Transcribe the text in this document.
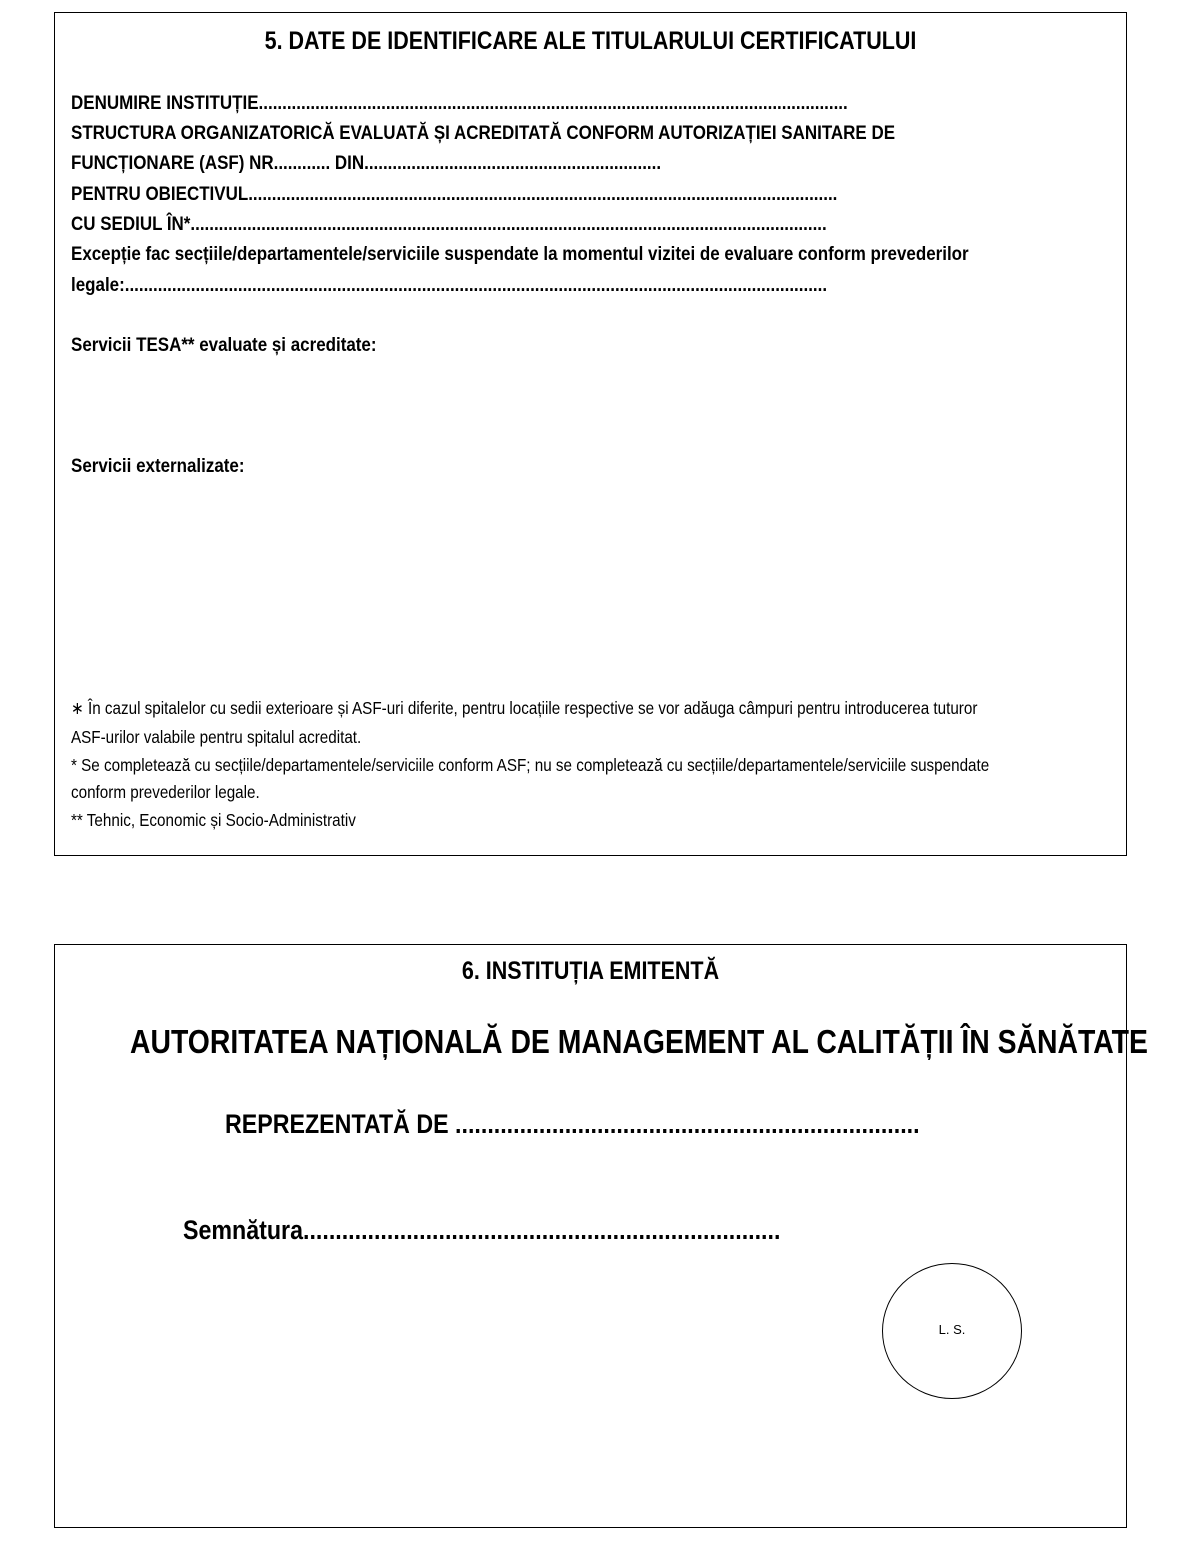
5. DATE DE IDENTIFICARE ALE TITULARULUI CERTIFICATULUI
DENUMIRE INSTITUȚIE.............................................................................................................................
STRUCTURA ORGANIZATORICĂ EVALUATĂ ȘI ACREDITATĂ CONFORM AUTORIZAȚIEI SANITARE DE
FUNCȚIONARE (ASF) NR............ DIN...............................................................
PENTRU OBIECTIVUL.............................................................................................................................
CU SEDIUL ÎN*.......................................................................................................................................
Excepție fac secțiile/departamentele/serviciile suspendate la momentul vizitei de evaluare conform prevederilor
legale:.....................................................................................................................................................
Servicii TESA** evaluate și acreditate:
Servicii externalizate:
∗ În cazul spitalelor cu sedii exterioare și ASF-uri diferite, pentru locațiile respective se vor adăuga câmpuri pentru introducerea tuturor
ASF-urilor valabile pentru spitalul acreditat.
* Se completează cu secțiile/departamentele/serviciile conform ASF; nu se completează cu secțiile/departamentele/serviciile suspendate
conform prevederilor legale.
** Tehnic, Economic și Socio-Administrativ
6. INSTITUȚIA EMITENTĂ
AUTORITATEA NAȚIONALĂ DE MANAGEMENT AL CALITĂȚII ÎN SĂNĂTATE
REPREZENTATĂ DE ........................................................................
Semnătura..........................................................................
L. S.
